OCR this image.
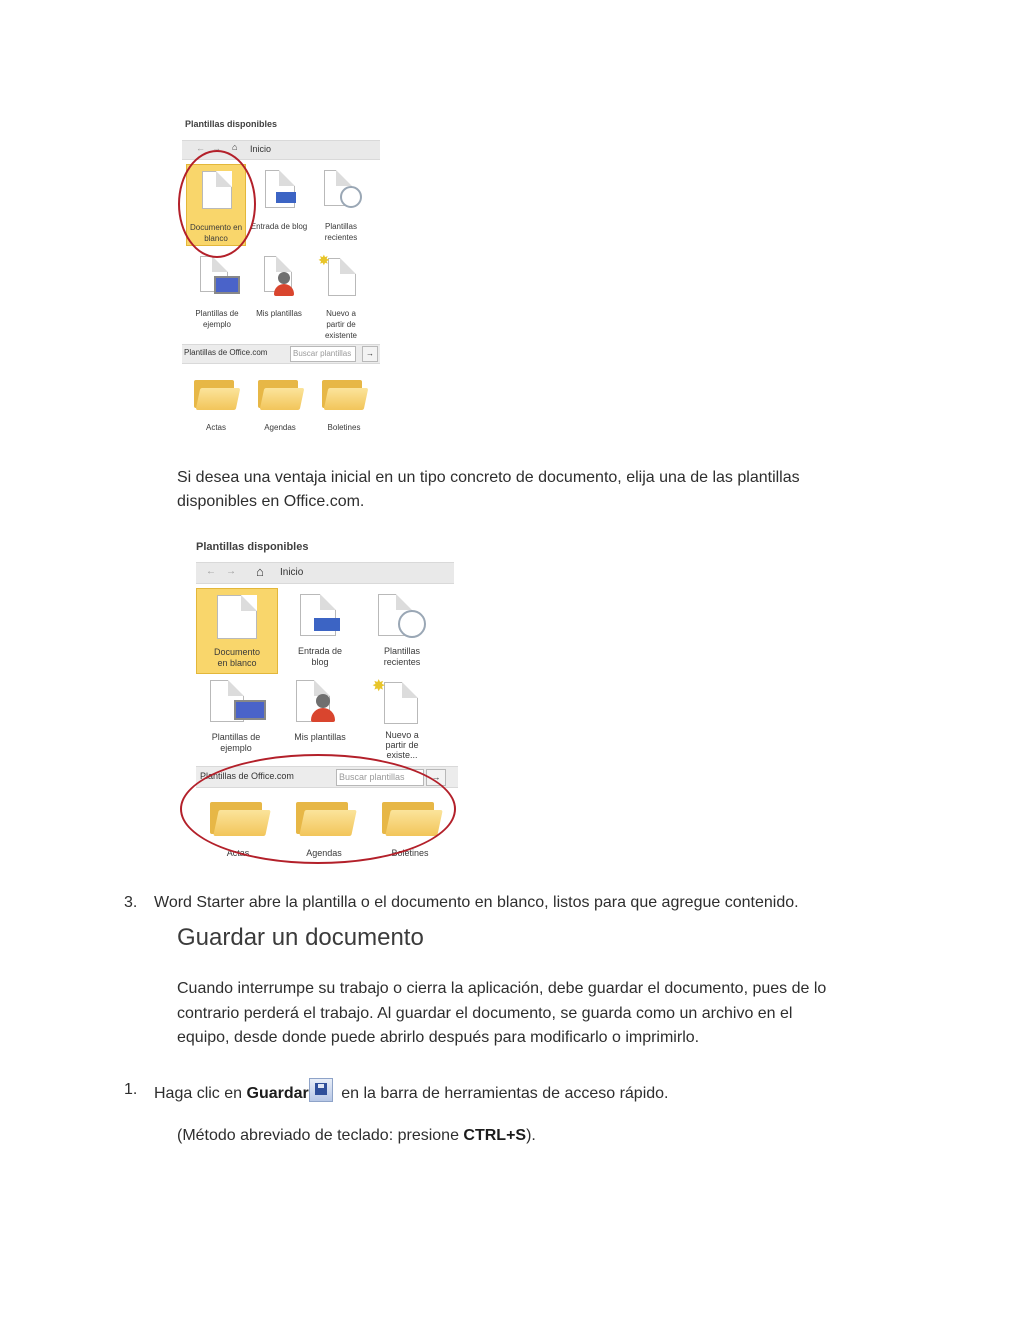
Plantillas disponibles
← → ⌂ Inicio
Documento en blanco
Entrada de blog	Plantillas recientes
Plantillas de ejemplo
Mis plantillas
✸
Nuevo a partir de existente
Plantillas de Office.com	Buscar plantillas	→
Actas	Agendas	Boletines
Si desea una ventaja inicial en un tipo concreto de documento, elija una de las plantillas
disponibles en Office.com.
Plantillas disponibles
← → ⌂ Inicio
Documento en blanco
Entrada de blog
Plantillas recientes
Plantillas de ejemplo
Mis plantillas
✸
Nuevo a partir de existe...
Plantillas de Office.com	Buscar plantillas	→
Actas	Agendas	Boletines
3. Word Starter abre la plantilla o el documento en blanco, listos para que agregue contenido.
Guardar un documento
Cuando interrumpe su trabajo o cierra la aplicación, debe guardar el documento, pues de lo
contrario perderá el trabajo. Al guardar el documento, se guarda como un archivo en el
equipo, desde donde puede abrirlo después para modificarlo o imprimirlo.
1. Haga clic en Guardar
en la barra de herramientas de acceso rápido.
(Método abreviado de teclado: presione CTRL+S).
